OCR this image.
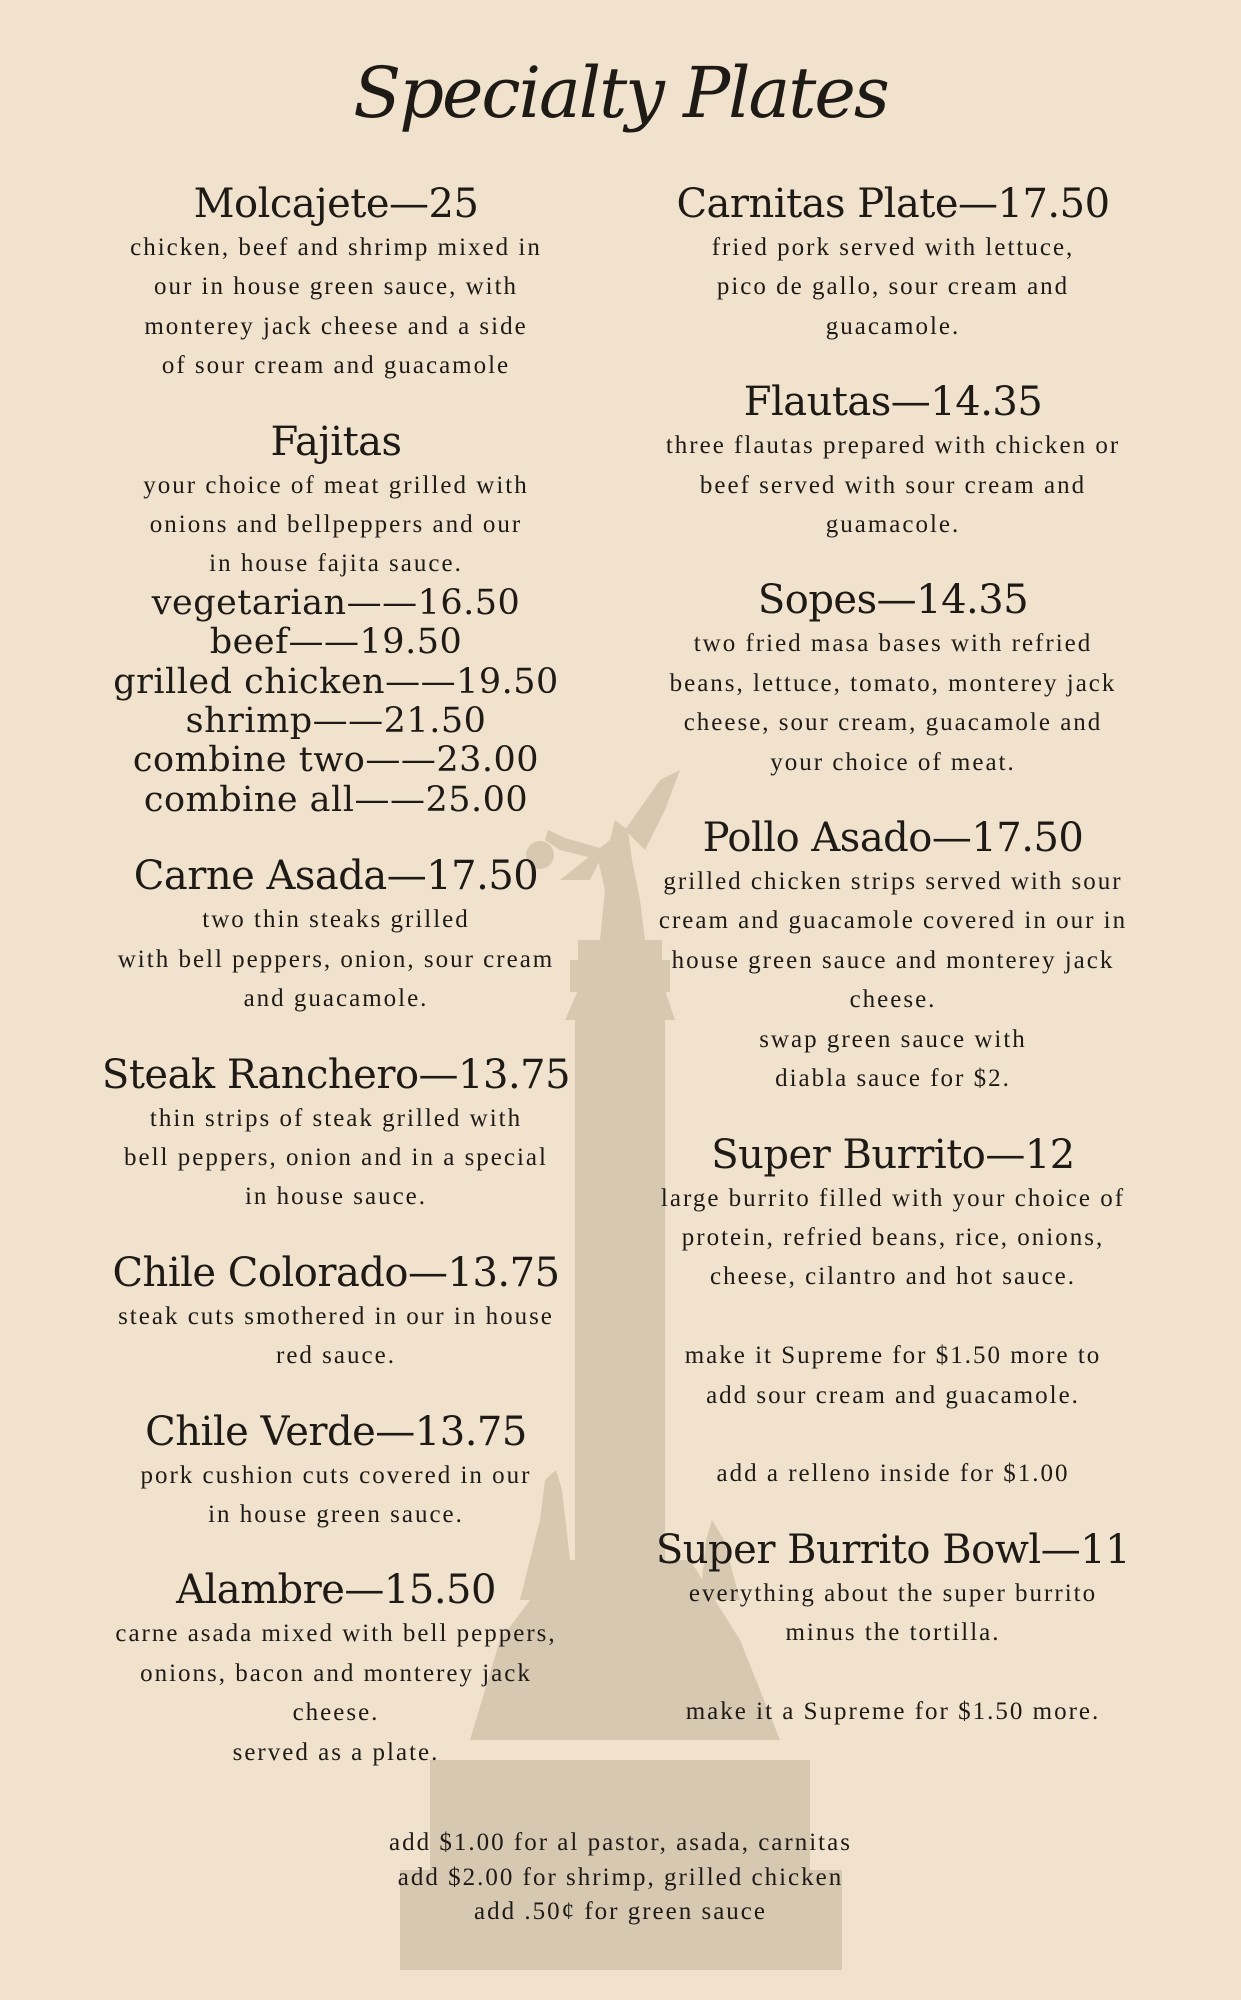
Specialty Plates
Molcajete—25
chicken, beef and shrimp mixed in
our in house green sauce, with
monterey jack cheese and a side
of sour cream and guacamole
Fajitas
your choice of meat grilled with
onions and bellpeppers and our
in house fajita sauce.
vegetarian——16.50
beef——19.50
grilled chicken——19.50
shrimp——21.50
combine two——23.00
combine all——25.00
Carne Asada—17.50
two thin steaks grilled
with bell peppers, onion, sour cream
and guacamole.
Steak Ranchero—13.75
thin strips of steak grilled with
bell peppers, onion and in a special
in house sauce.
Chile Colorado—13.75
steak cuts smothered in our in house
red sauce.
Chile Verde—13.75
pork cushion cuts covered in our
in house green sauce.
Alambre—15.50
carne asada mixed with bell peppers,
onions, bacon and monterey jack
cheese.
served as a plate.
Carnitas Plate—17.50
fried pork served with lettuce,
pico de gallo, sour cream and
guacamole.
Flautas—14.35
three flautas prepared with chicken or
beef served with sour cream and
guamacole.
Sopes—14.35
two fried masa bases with refried
beans, lettuce, tomato, monterey jack
cheese, sour cream, guacamole and
your choice of meat.
Pollo Asado—17.50
grilled chicken strips served with sour
cream and guacamole covered in our in
house green sauce and monterey jack
cheese.
swap green sauce with
diabla sauce for $2.
Super Burrito—12
large burrito filled with your choice of
protein, refried beans, rice, onions,
cheese, cilantro and hot sauce.
make it Supreme for $1.50 more to
add sour cream and guacamole.
add a relleno inside for $1.00
Super Burrito Bowl—11
everything about the super burrito
minus the tortilla.
make it a Supreme for $1.50 more.
add $1.00 for al pastor, asada, carnitas
add $2.00 for shrimp, grilled chicken
add .50¢ for green sauce
